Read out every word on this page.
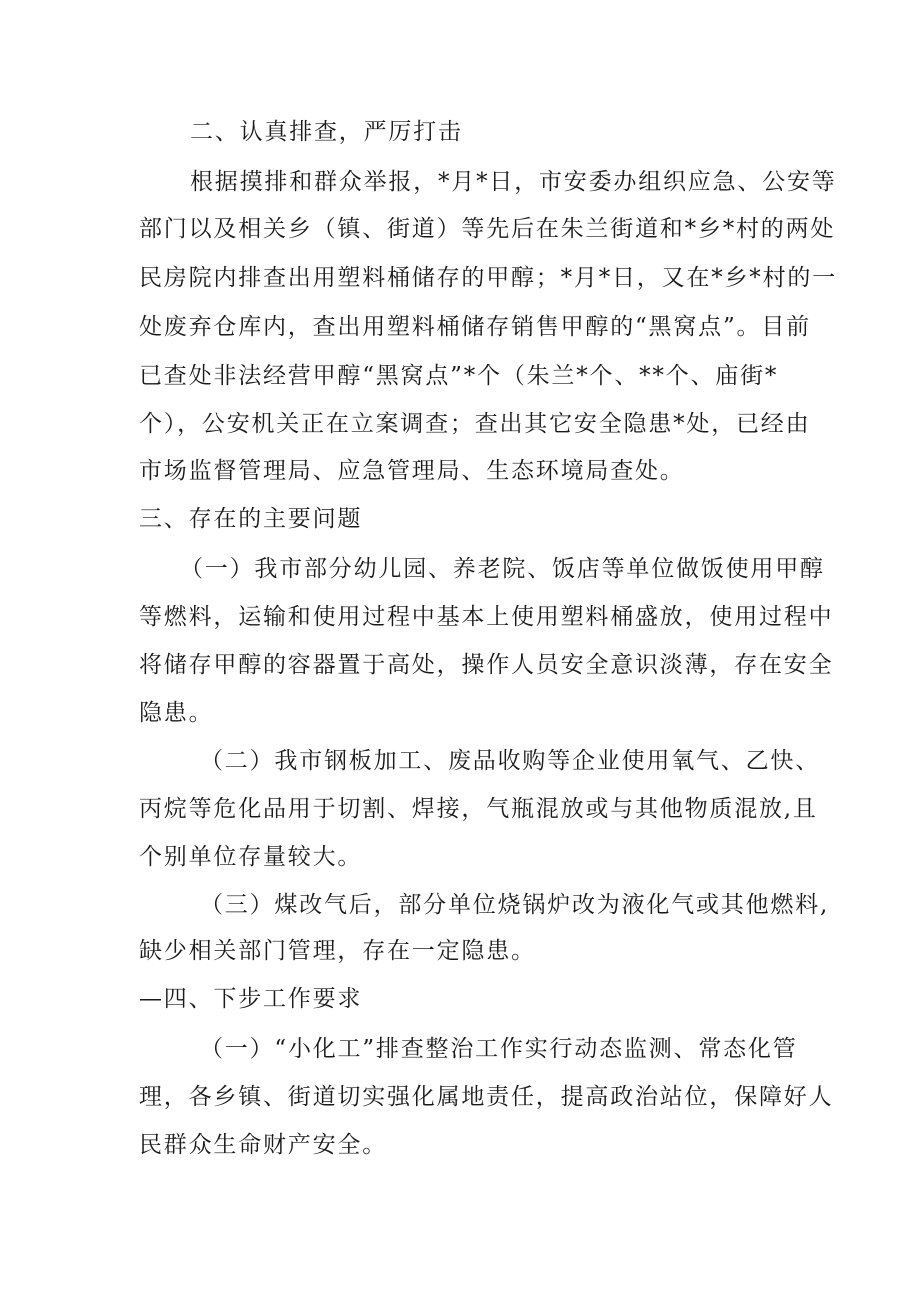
二、认真排查，严厉打击
根据摸排和群众举报，*月*日，市安委办组织应急、公安等
部门以及相关乡（镇、街道）等先后在朱兰街道和*乡*村的两处
民房院内排查出用塑料桶储存的甲醇；*月*日，又在*乡*村的一
处废弃仓库内，查出用塑料桶储存销售甲醇的“黑窝点”。目前
已查处非法经营甲醇“黑窝点”*个（朱兰*个、**个、庙街*
个），公安机关正在立案调查；查出其它安全隐患*处，已经由
市场监督管理局、应急管理局、生态环境局查处。
三、存在的主要问题
（一）我市部分幼儿园、养老院、饭店等单位做饭使用甲醇
等燃料，运输和使用过程中基本上使用塑料桶盛放，使用过程中
将储存甲醇的容器置于高处，操作人员安全意识淡薄，存在安全
隐患。
（二）我市钢板加工、废品收购等企业使用氧气、乙快、
丙烷等危化品用于切割、焊接，气瓶混放或与其他物质混放,且
个别单位存量较大。
（三）煤改气后，部分单位烧锅炉改为液化气或其他燃料,
缺少相关部门管理，存在一定隐患。
—四、下步工作要求
（一）“小化工”排查整治工作实行动态监测、常态化管
理，各乡镇、街道切实强化属地责任，提高政治站位，保障好人
民群众生命财产安全。
